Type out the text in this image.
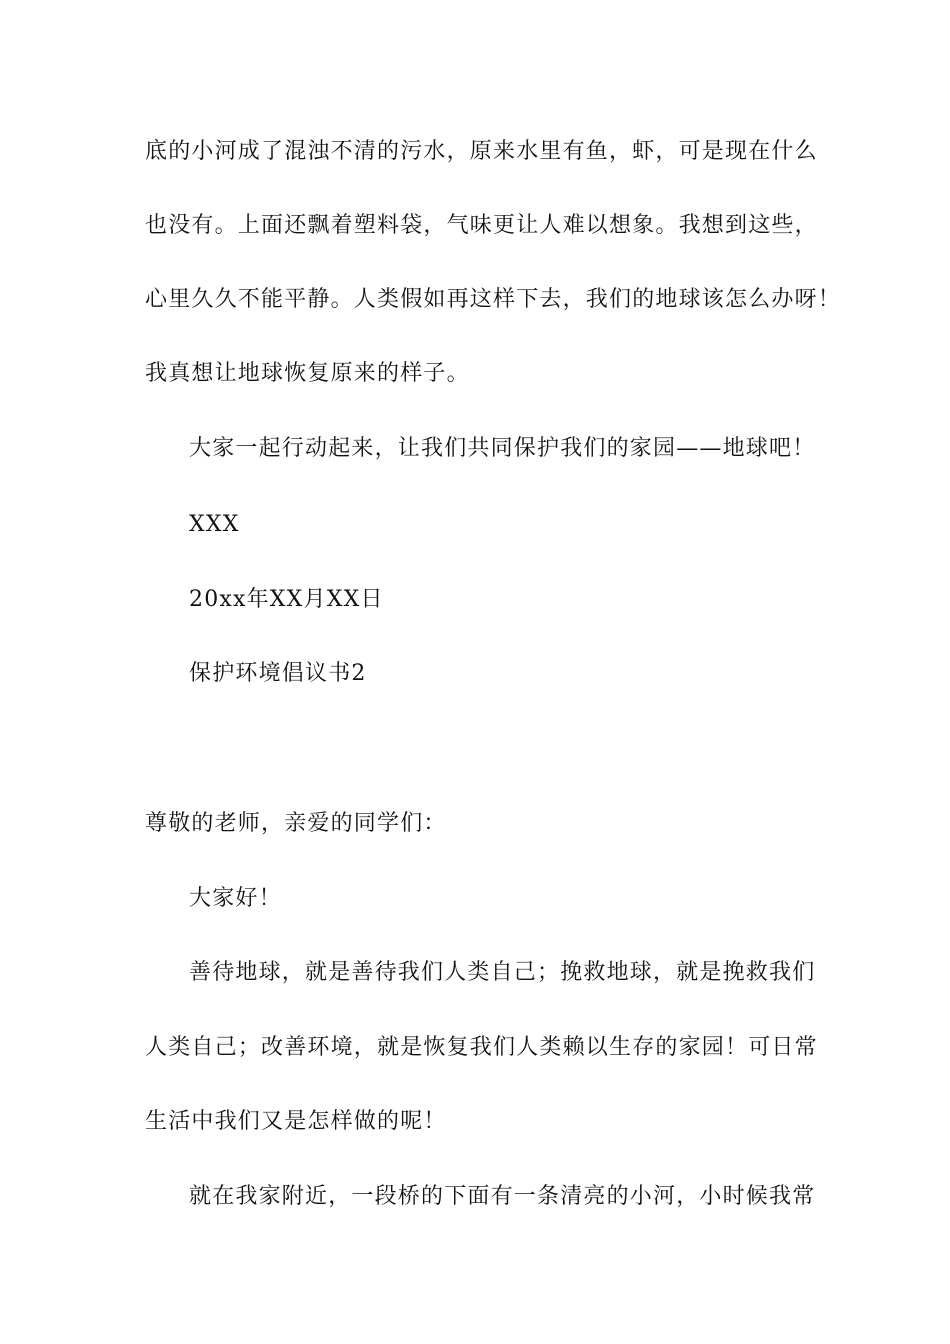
底的小河成了混浊不清的污水，原来水里有鱼，虾，可是现在什么
也没有。上面还飘着塑料袋，气味更让人难以想象。我想到这些，
心里久久不能平静。人类假如再这样下去，我们的地球该怎么办呀！
我真想让地球恢复原来的样子。
大家一起行动起来，让我们共同保护我们的家园——地球吧！
XXX
20xx年XX月XX日
保护环境倡议书2
尊敬的老师，亲爱的同学们：
大家好！
善待地球，就是善待我们人类自己；挽救地球，就是挽救我们
人类自己；改善环境，就是恢复我们人类赖以生存的家园！可日常
生活中我们又是怎样做的呢！
就在我家附近，一段桥的下面有一条清亮的小河，小时候我常
